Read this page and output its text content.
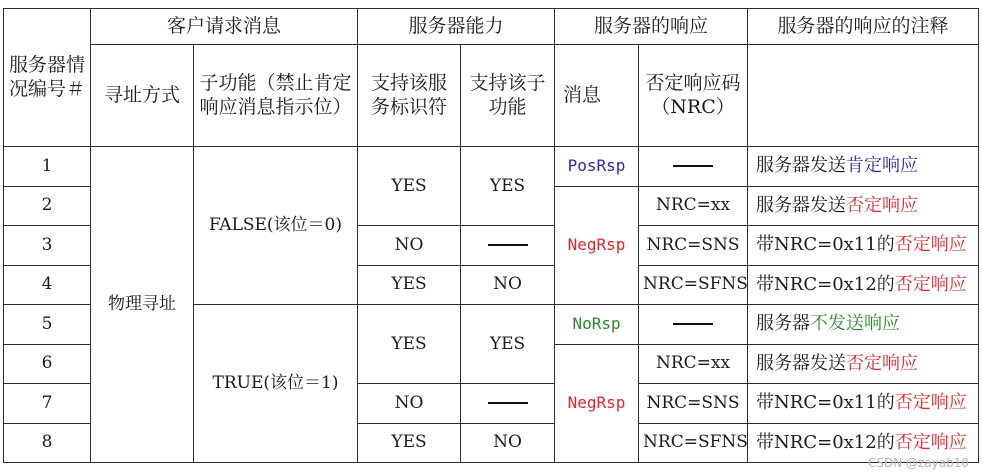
服务器情况编号＃	客户请求消息		服务器能力		服务器的响应		服务器的响应的注释
	寻址方式	子功能（禁止肯定响应消息指示位）	支持该服务标识符	支持该子功能	消息	否定响应码（NRC）	
1	物理寻址	FALSE(该位＝0)	YES	YES	PosRsp		服务器发送肯定响应
2					NegRsp	NRC=xx	服务器发送否定响应
3			NO			NRC=SNS	带NRC=0x11的否定响应
4			YES	NO		NRC=SFNS	带NRC=0x12的否定响应
5		TRUE(该位＝1)	YES	YES	NoRsp		服务器不发送响应
6					NegRsp	NRC=xx	服务器发送否定响应
7			NO			NRC=SNS	带NRC=0x11的否定响应
8			YES	NO		NRC=SFNS	带NRC=0x12的否定响应
CSDN @zayab10
